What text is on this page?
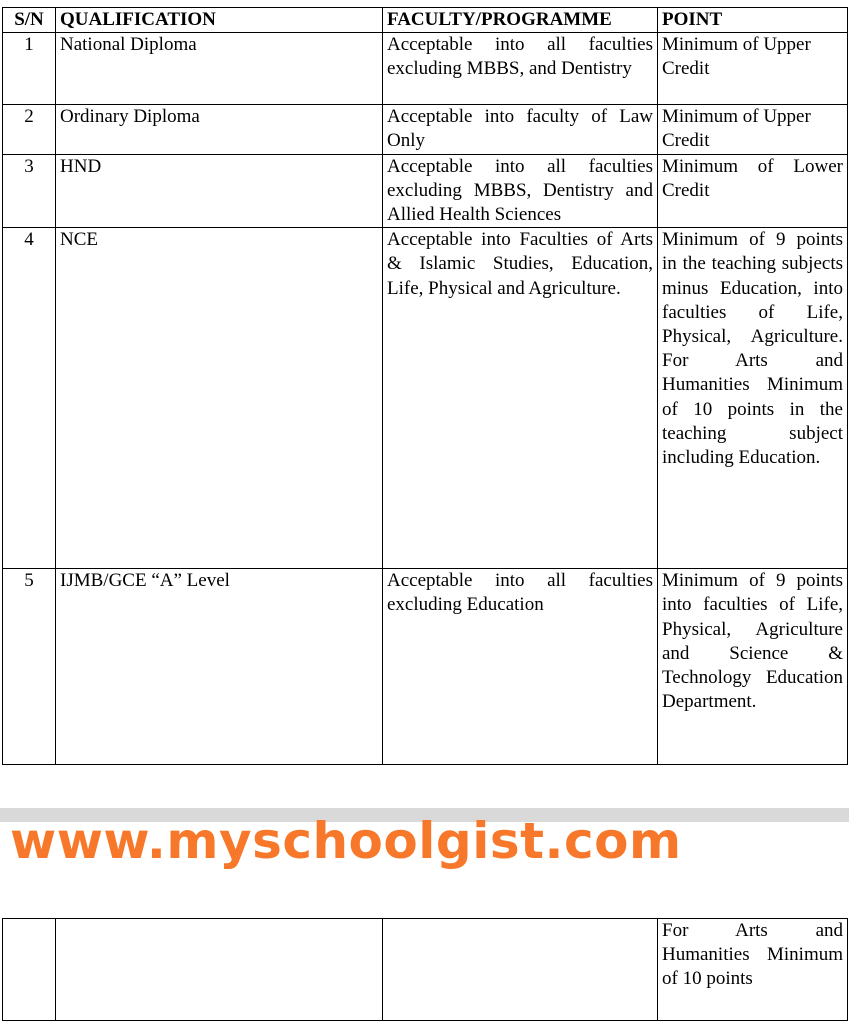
S/N	QUALIFICATION	FACULTY/PROGRAMME	POINT
1	National Diploma	Acceptable into all faculties excluding MBBS, and Dentistry	Minimum of Upper Credit
2	Ordinary Diploma	Acceptable into faculty of Law Only	Minimum of Upper Credit
3	HND	Acceptable into all faculties excluding MBBS, Dentistry and Allied Health Sciences	Minimum of Lower Credit
4	NCE	Acceptable into Faculties of Arts & Islamic Studies, Education, Life, Physical and Agriculture.	Minimum of 9 points in the teaching subjects minus Education, into faculties of Life, Physical, Agriculture. For Arts and Humanities Minimum of 10 points in the teaching subject including Education.
5	IJMB/GCE “A” Level	Acceptable into all faculties excluding Education	Minimum of 9 points into faculties of Life, Physical, Agriculture and Science & Technology Education Department.
www.myschoolgist.com
			For Arts and Humanities Minimum of 10 points
